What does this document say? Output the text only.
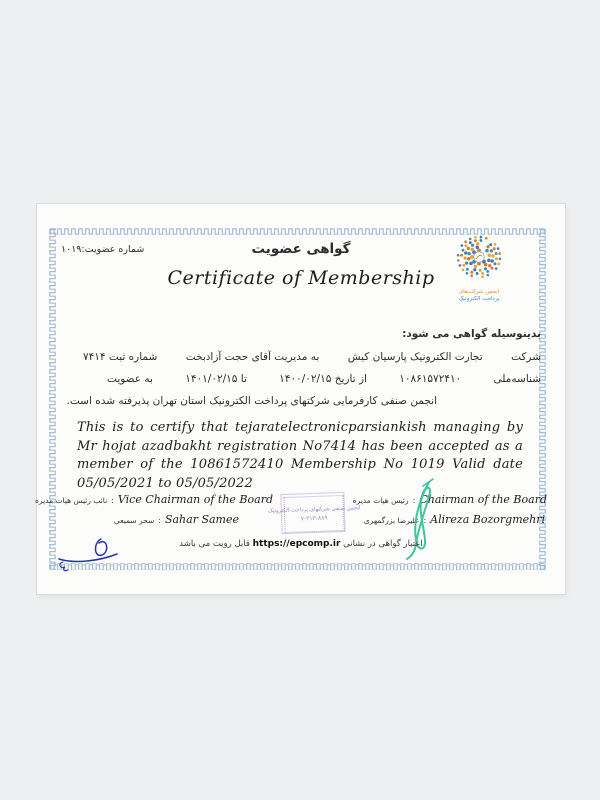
شماره عضویت:۱۰۱۹	گواهی عضویت
Certificate of Membership
انجمن شرکت‌های
پرداخت الکترونیک
بدینوسیله گواهی می شود:
شرکت
تجارت الکترونیک پارسیان کیش
به مدیریت آقای حجت آزادبخت
شماره ثبت ۷۴۱۴
شناسه‌ملی
۱۰۸۶۱۵۷۲۴۱۰
از تاریخ ۱۴۰۰/۰۲/۱۵
تا ۱۴۰۱/۰۲/۱۵
به عضویت
انجمن صنفی کارفرمایی شرکتهای پرداخت الکترونیک استان تهران پذیرفته شده است.
This is to certify that tejaratelectronicparsiankish managing by Mr hojat azadbakht registration No7414 has been accepted as a member of the 10861572410 Membership No 1019 Valid date 05/05/2021 to 05/05/2022
Vice Chairman of the Board
:
نائب رئیس هیات مدیره
Sahar Samee
:
سحر سمیعی
Chairman of the Board
:
رئیس هیات مدیره
Alireza Bozorgmehri
:
علیرضا بزرگمهری
انجمن صنفی شرکتهای پرداخت الکترونیک
۷-۳۱۳-۸۸۹
اعتبار گواهی در نشانی https://epcomp.ir قابل رویت می باشد
